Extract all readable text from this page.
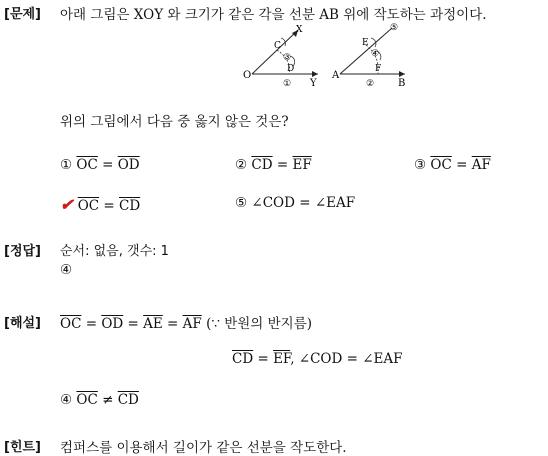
[문제] 아래 그림은 XOY 와 크기가 같은 각을 선분 AB 위에 작도하는 과정이다.
O
Y
X
C
D
③
①
A
B
E
F
⑤
④
②
위의 그림에서 다음 중 옳지 않은 것은?
① $\overline{OC} = \overline{OD}$	② $\overline{CD} = \overline{EF}$	③ $\overline{OC} = \overline{AF}$
✔ $\overline{OC} = \overline{CD}$	⑤ ∠COD = ∠EAF
[정답] 순서: 없음, 갯수: 1
④
[해설] $\overline{OC} = \overline{OD} = \overline{AE} = \overline{AF}$ (∵ 반원의 반지름)
$\overline{CD} = \overline{EF}$, ∠COD = ∠EAF
④ $\overline{OC} \ne \overline{CD}$
[힌트] 컴퍼스를 이용해서 길이가 같은 선분을 작도한다.
